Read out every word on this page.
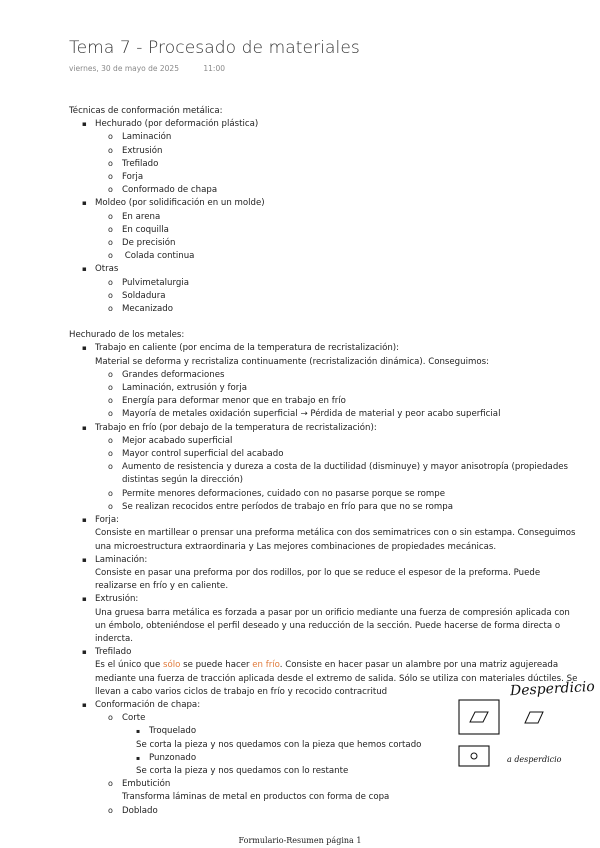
Tema 7 - Procesado de materiales
viernes, 30 de mayo de 2025	11:00

Técnicas de conformación metálica:

▪ Hechurado (por deformación plástica)
o Laminación
o Extrusión
o Trefilado
o Forja
o Conformado de chapa
▪ Moldeo (por solidificación en un molde)
o En arena
o En coquilla
o De precisión
o  Colada continua
▪ Otras
o Pulvimetalurgia
o Soldadura
o Mecanizado

Hechurado de los metales:

▪ Trabajo en caliente (por encima de la temperatura de recristalización):
Material se deforma y recristaliza continuamente (recristalización dinámica). Conseguimos:
o Grandes deformaciones
o Laminación, extrusión y forja
o Energía para deformar menor que en trabajo en frío
o Mayoría de metales oxidación superficial → Pérdida de material y peor acabo superficial
▪ Trabajo en frío (por debajo de la temperatura de recristalización):
o Mejor acabado superficial
o Mayor control superficial del acabado
o Aumento de resistencia y dureza a costa de la ductilidad (disminuye) y mayor anisotropía (propiedades distintas según la dirección)
o Permite menores deformaciones, cuidado con no pasarse porque se rompe
o Se realizan recocidos entre períodos de trabajo en frío para que no se rompa
▪ Forja:
Consiste en martillear o prensar una preforma metálica con dos semimatrices con o sin estampa. Conseguimos una microestructura extraordinaria y Las mejores combinaciones de propiedades mecánicas.
▪ Laminación:
Consiste en pasar una preforma por dos rodillos, por lo que se reduce el espesor de la preforma. Puede realizarse en frío y en caliente.
▪ Extrusión:
Una gruesa barra metálica es forzada a pasar por un orificio mediante una fuerza de compresión aplicada con un émbolo, obteniéndose el perfil deseado y una reducción de la sección. Puede hacerse de forma directa o indercta.
▪ Trefilado
Es el único que sólo se puede hacer en frío. Consiste en hacer pasar un alambre por una matriz agujereada mediante una fuerza de tracción aplicada desde el extremo de salida. Sólo se utiliza con materiales dúctiles. Se llevan a cabo varios ciclos de trabajo en frío y recocido contracritud
▪ Conformación de chapa:
o Corte
▪ Troquelado
Se corta la pieza y nos quedamos con la pieza que hemos cortado
▪ Punzonado
Se corta la pieza y nos quedamos con lo restante
o Embutición
Transforma láminas de metal en productos con forma de copa
o Doblado
Desperdicio
a desperdicio
Formulario-Resumen página 1
